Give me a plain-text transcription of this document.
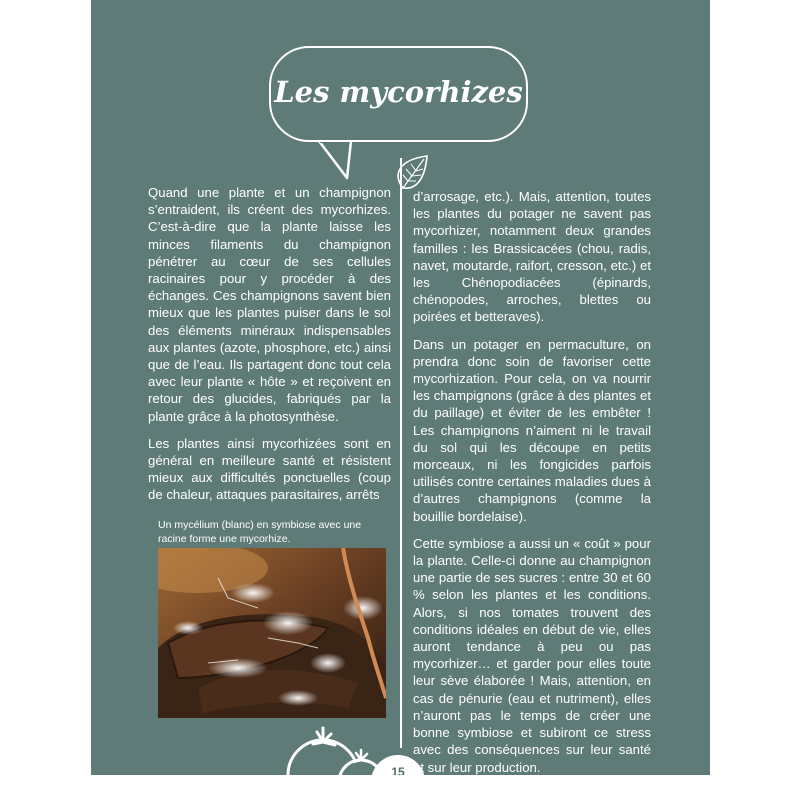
Les mycorhizes

Quand une plante et un champignon s’entraident, ils créent des mycorhizes. C’est-à-dire que la plante laisse les minces filaments du champignon pénétrer au cœur de ses cellules racinaires pour y procéder à des échanges. Ces champignons savent bien mieux que les plantes puiser dans le sol des éléments minéraux indispensables aux plantes (azote, phosphore, etc.) ainsi que de l’eau. Ils partagent donc tout cela avec leur plante « hôte » et reçoivent en retour des glucides, fabriqués par la plante grâce à la photosynthèse.

Les plantes ainsi mycorhizées sont en général en meilleure santé et résistent mieux aux difficultés ponctuelles (coup de chaleur, attaques parasitaires, arrêts

Un mycélium (blanc) en symbiose avec une racine forme une mycorhize.

d’arrosage, etc.). Mais, attention, toutes les plantes du potager ne savent pas mycorhizer, notamment deux grandes familles : les Brassicacées (chou, radis, navet, moutarde, raifort, cresson, etc.) et les Chénopodiacées (épinards, chénopodes, arroches, blettes ou poirées et betteraves).

Dans un potager en permaculture, on prendra donc soin de favoriser cette mycorhization. Pour cela, on va nourrir les champignons (grâce à des plantes et du paillage) et éviter de les embêter ! Les champignons n’aiment ni le travail du sol qui les découpe en petits morceaux, ni les fongicides parfois utilisés contre certaines maladies dues à d’autres champignons (comme la bouillie bordelaise).

Cette symbiose a aussi un « coût » pour la plante. Celle-ci donne au champignon une partie de ses sucres : entre 30 et 60 % selon les plantes et les conditions. Alors, si nos tomates trouvent des conditions idéales en début de vie, elles auront tendance à peu ou pas mycorhizer… et garder pour elles toute leur sève élaborée ! Mais, attention, en cas de pénurie (eau et nutriment), elles n’auront pas le temps de créer une bonne symbiose et subiront ce stress avec des conséquences sur leur santé et sur leur production.

15
